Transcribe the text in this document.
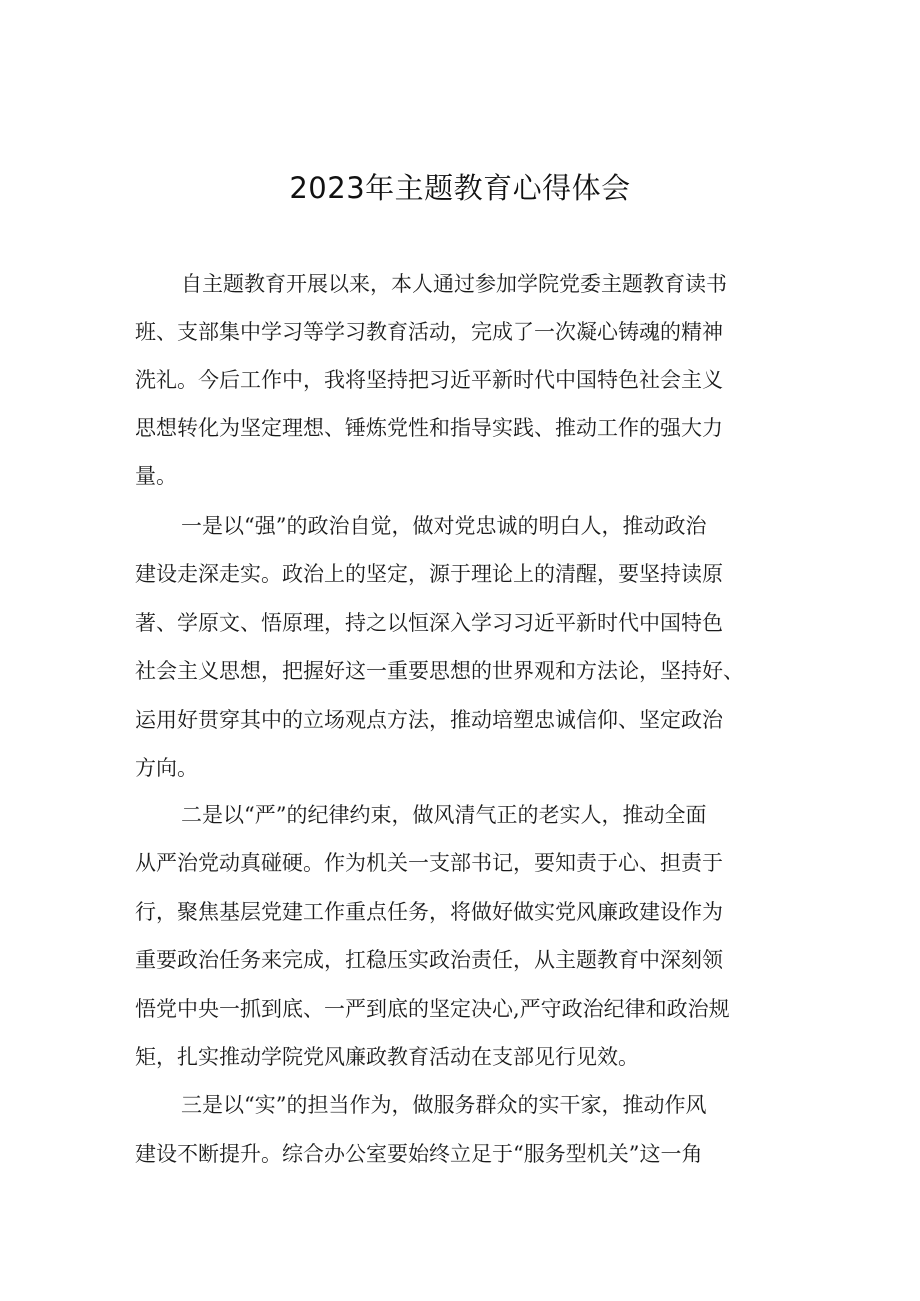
2023年主题教育心得体会

自主题教育开展以来，本人通过参加学院党委主题教育读书

班、支部集中学习等学习教育活动，完成了一次凝心铸魂的精神

洗礼。今后工作中，我将坚持把习近平新时代中国特色社会主义

思想转化为坚定理想、锤炼党性和指导实践、推动工作的强大力

量。

一是以“强”的政治自觉，做对党忠诚的明白人，推动政治

建设走深走实。政治上的坚定，源于理论上的清醒，要坚持读原

著、学原文、悟原理，持之以恒深入学习习近平新时代中国特色

社会主义思想，把握好这一重要思想的世界观和方法论，坚持好、

运用好贯穿其中的立场观点方法，推动培塑忠诚信仰、坚定政治

方向。

二是以“严”的纪律约束，做风清气正的老实人，推动全面

从严治党动真碰硬。作为机关一支部书记，要知责于心、担责于

行，聚焦基层党建工作重点任务，将做好做实党风廉政建设作为

重要政治任务来完成，扛稳压实政治责任，从主题教育中深刻领

悟党中央一抓到底、一严到底的坚定决心,严守政治纪律和政治规

矩，扎实推动学院党风廉政教育活动在支部见行见效。

三是以“实”的担当作为，做服务群众的实干家，推动作风

建设不断提升。综合办公室要始终立足于“服务型机关”这一角
